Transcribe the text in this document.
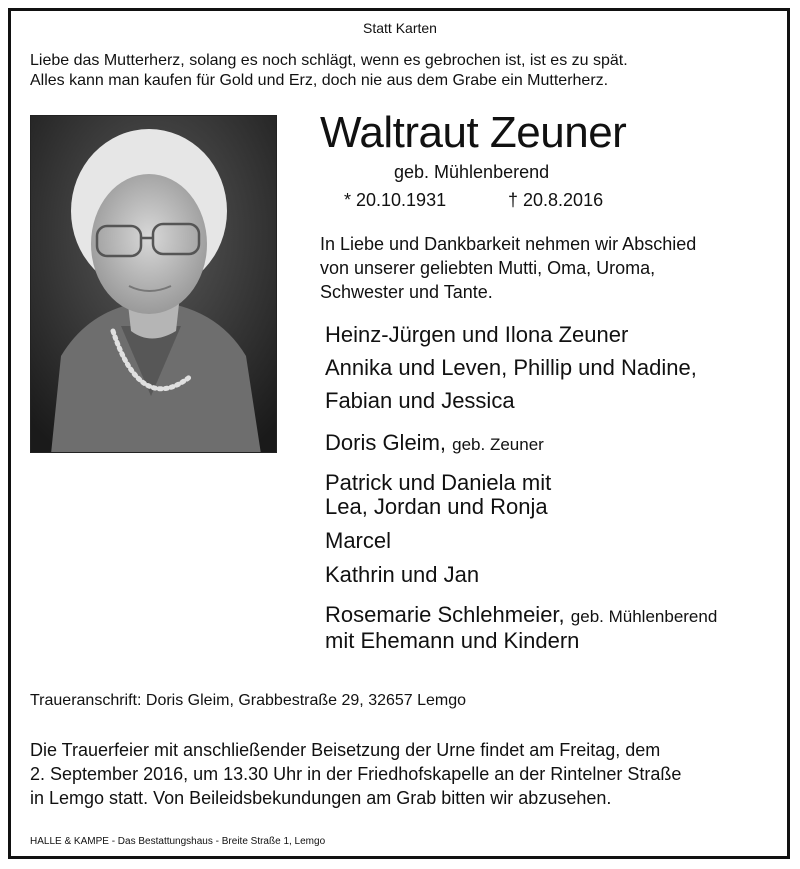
Statt Karten
Liebe das Mutterherz, solang es noch schlägt, wenn es gebrochen ist, ist es zu spät.
Alles kann man kaufen für Gold und Erz, doch nie aus dem Grabe ein Mutterherz.
Waltraut Zeuner
geb. Mühlenberend
* 20.10.1931	† 20.8.2016
In Liebe und Dankbarkeit nehmen wir Abschied
von unserer geliebten Mutti, Oma, Uroma,
Schwester und Tante.
Heinz-Jürgen und Ilona Zeuner
Annika und Leven, Phillip und Nadine,
Fabian und Jessica
Doris Gleim, geb. Zeuner
Patrick und Daniela mit
Lea, Jordan und Ronja
Marcel
Kathrin und Jan
Rosemarie Schlehmeier, geb. Mühlenberend
mit Ehemann und Kindern
Traueranschrift: Doris Gleim, Grabbestraße 29, 32657 Lemgo
Die Trauerfeier mit anschließender Beisetzung der Urne findet am Freitag, dem
2. September 2016, um 13.30 Uhr in der Friedhofskapelle an der Rintelner Straße
in Lemgo statt. Von Beileidsbekundungen am Grab bitten wir abzusehen.
HALLE & KAMPE - Das Bestattungshaus - Breite Straße 1, Lemgo
